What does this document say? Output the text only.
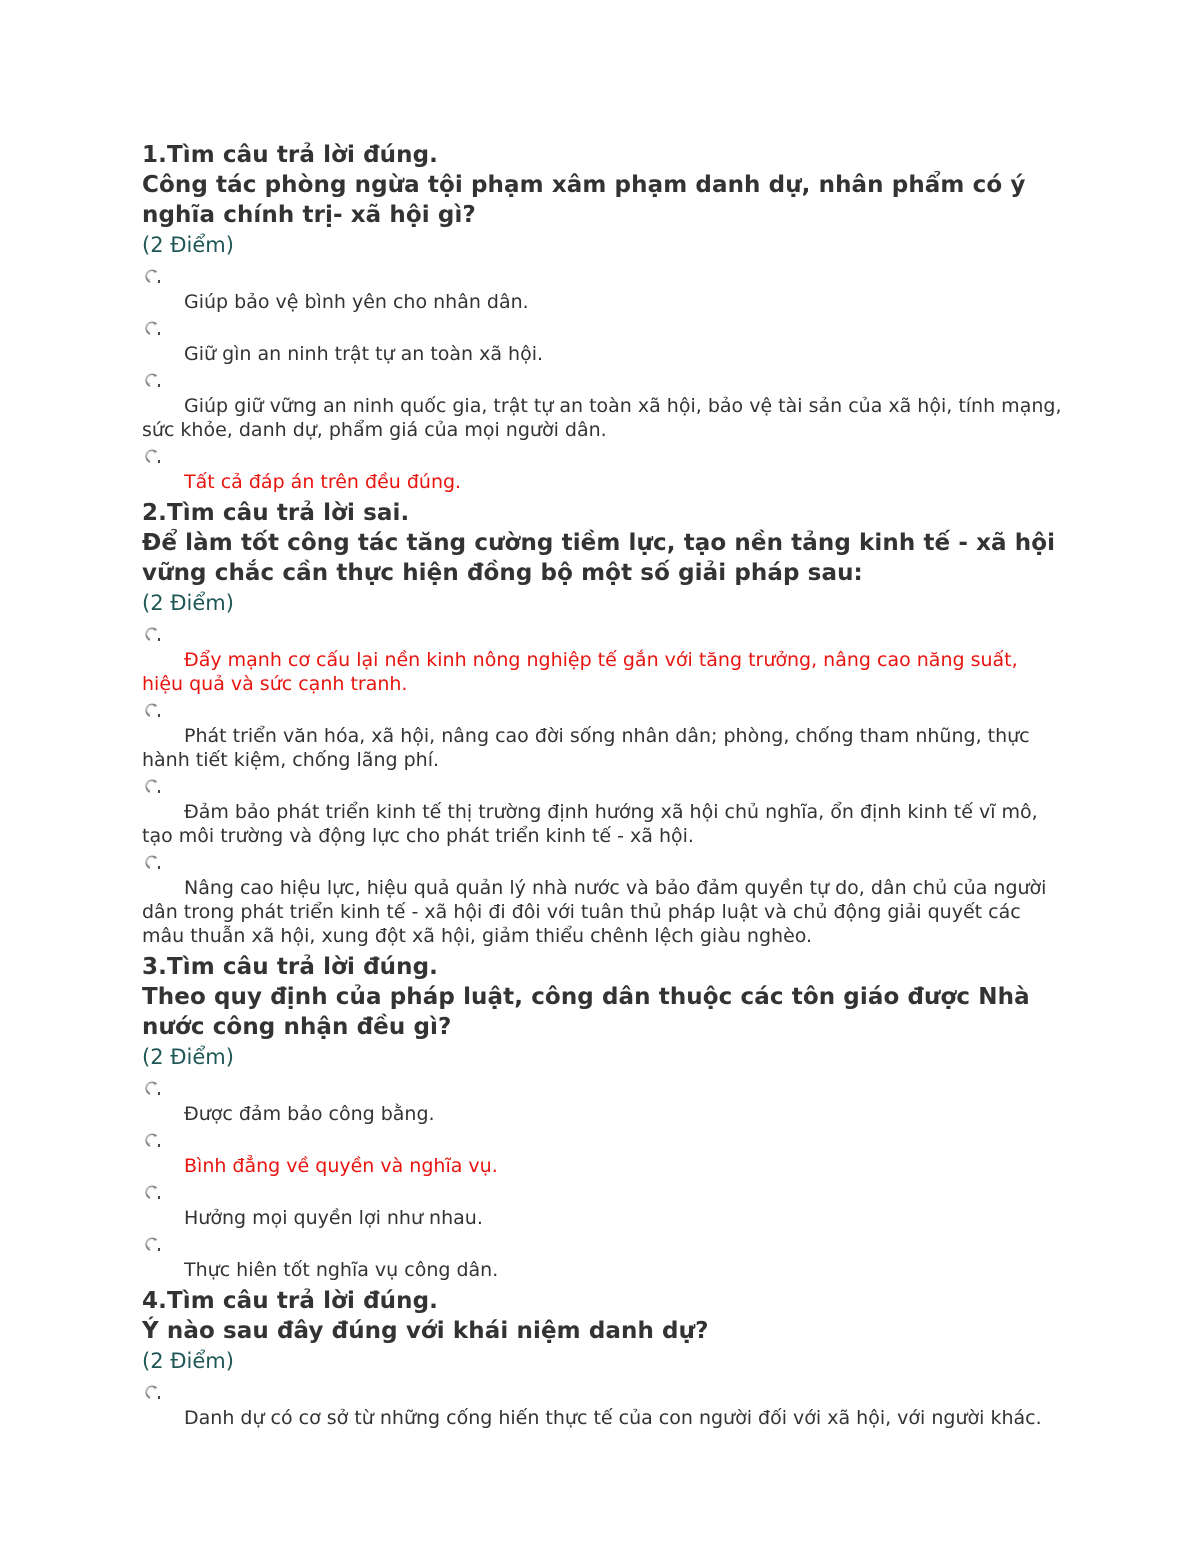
1.Tìm câu trả lời đúng.
Công tác phòng ngừa tội phạm xâm phạm danh dự, nhân phẩm có ý nghĩa chính trị- xã hội gì?
(2 Điểm)
Giúp bảo vệ bình yên cho nhân dân.
Giữ gìn an ninh trật tự an toàn xã hội.
Giúp giữ vững an ninh quốc gia, trật tự an toàn xã hội, bảo vệ tài sản của xã hội, tính mạng, sức khỏe, danh dự, phẩm giá của mọi người dân.
Tất cả đáp án trên đều đúng.
2.Tìm câu trả lời sai.
Để làm tốt công tác tăng cường tiềm lực, tạo nền tảng kinh tế - xã hội vững chắc cần thực hiện đồng bộ một số giải pháp sau:
(2 Điểm)
Đẩy mạnh cơ cấu lại nền kinh nông nghiệp tế gắn với tăng trưởng, nâng cao năng suất, hiệu quả và sức cạnh tranh.
Phát triển văn hóa, xã hội, nâng cao đời sống nhân dân; phòng, chống tham nhũng, thực hành tiết kiệm, chống lãng phí.
Đảm bảo phát triển kinh tế thị trường định hướng xã hội chủ nghĩa, ổn định kinh tế vĩ mô, tạo môi trường và động lực cho phát triển kinh tế - xã hội.
Nâng cao hiệu lực, hiệu quả quản lý nhà nước và bảo đảm quyền tự do, dân chủ của người dân trong phát triển kinh tế - xã hội đi đôi với tuân thủ pháp luật và chủ động giải quyết các mâu thuẫn xã hội, xung đột xã hội, giảm thiểu chênh lệch giàu nghèo.
3.Tìm câu trả lời đúng.
Theo quy định của pháp luật, công dân thuộc các tôn giáo được Nhà nước công nhận đều gì?
(2 Điểm)
Được đảm bảo công bằng.
Bình đẳng về quyền và nghĩa vụ.
Hưởng mọi quyền lợi như nhau.
Thực hiên tốt nghĩa vụ công dân.
4.Tìm câu trả lời đúng.
Ý nào sau đây đúng với khái niệm danh dự?
(2 Điểm)
Danh dự có cơ sở từ những cống hiến thực tế của con người đối với xã hội, với người khác.
